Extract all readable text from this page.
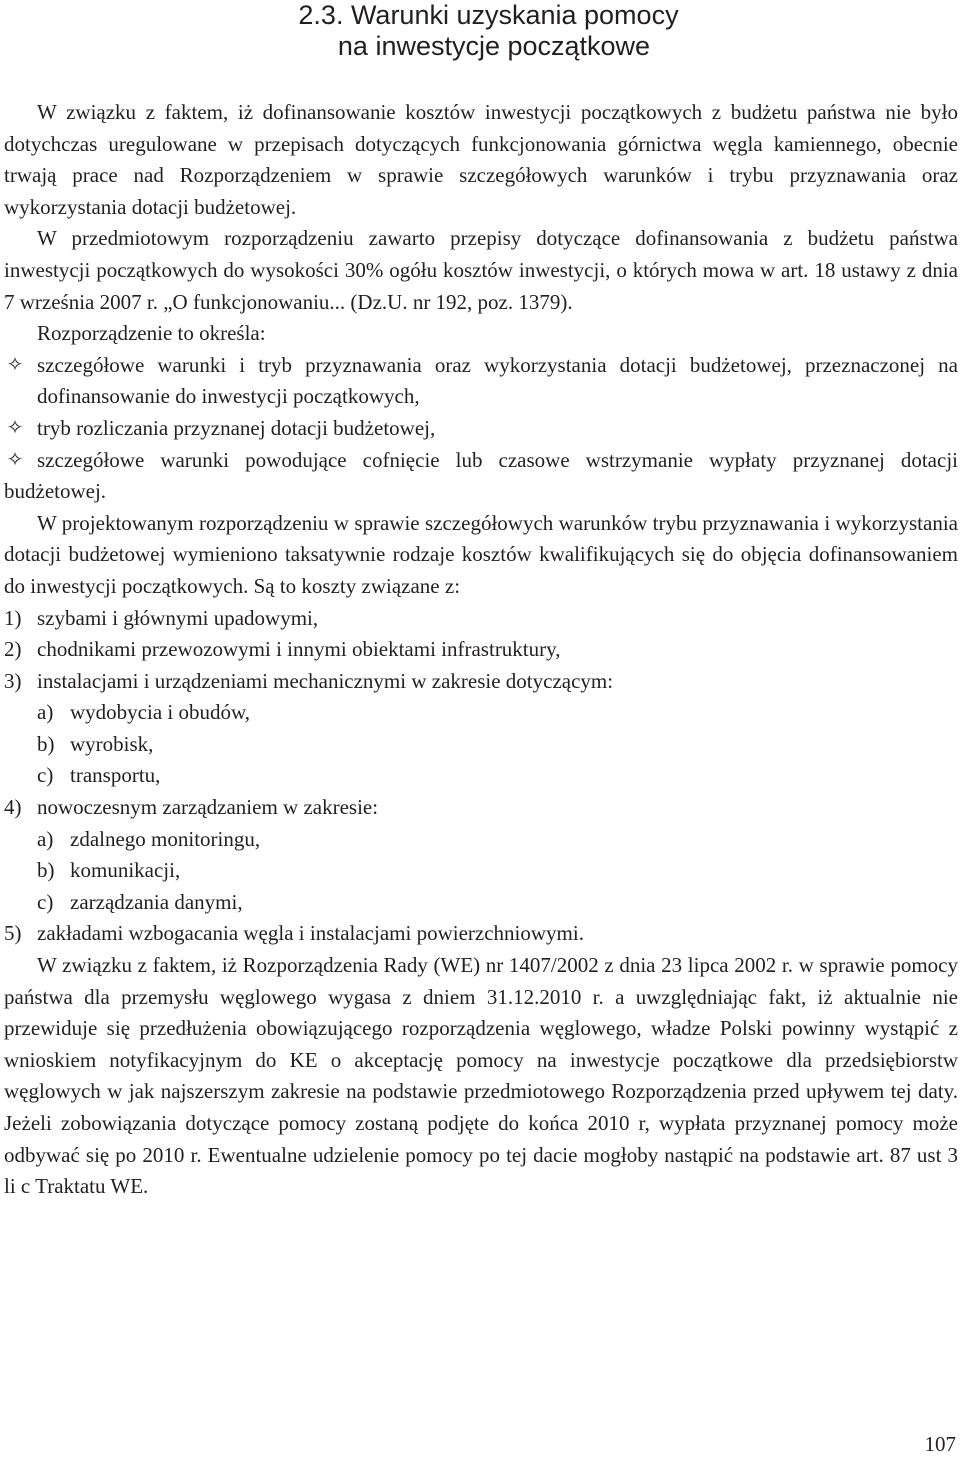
2.3. Warunki uzyskania pomocy
na inwestycje początkowe

W związku z faktem, iż dofinansowanie kosztów inwestycji początkowych z budżetu państwa nie było dotychczas uregulowane w przepisach dotyczących funkcjonowania górnictwa węgla kamiennego, obecnie trwają prace nad Rozporządzeniem w sprawie szczegółowych warunków i trybu przyznawania oraz wykorzystania dotacji budżetowej.

W przedmiotowym rozporządzeniu zawarto przepisy dotyczące dofinansowania z budżetu państwa inwestycji początkowych do wysokości 30% ogółu kosztów inwestycji, o których mowa w art. 18 ustawy z dnia 7 września 2007 r. „O funkcjonowaniu... (Dz.U. nr 192, poz. 1379).

Rozporządzenie to określa:

✧ szczegółowe warunki i tryb przyznawania oraz wykorzystania dotacji budżetowej, przeznaczonej na dofinansowanie do inwestycji początkowych,

✧ tryb rozliczania przyznanej dotacji budżetowej,

✧ szczegółowe warunki powodujące cofnięcie lub czasowe wstrzymanie wypłaty przyznanej dotacji budżetowej.

W projektowanym rozporządzeniu w sprawie szczegółowych warunków trybu przyznawania i wykorzystania dotacji budżetowej wymieniono taksatywnie rodzaje kosztów kwalifikujących się do objęcia dofinansowaniem do inwestycji początkowych. Są to koszty związane z:

1) szybami i głównymi upadowymi,

2) chodnikami przewozowymi i innymi obiektami infrastruktury,

3) instalacjami i urządzeniami mechanicznymi w zakresie dotyczącym:

a) wydobycia i obudów,

b) wyrobisk,

c) transportu,

4) nowoczesnym zarządzaniem w zakresie:

a) zdalnego monitoringu,

b) komunikacji,

c) zarządzania danymi,

5) zakładami wzbogacania węgla i instalacjami powierzchniowymi.

W związku z faktem, iż Rozporządzenia Rady (WE) nr 1407/2002 z dnia 23 lipca 2002 r. w sprawie pomocy państwa dla przemysłu węglowego wygasa z dniem 31.12.2010 r. a uwzględniając fakt, iż aktualnie nie przewiduje się przedłużenia obowiązującego rozporządzenia węglowego, władze Polski powinny wystąpić z wnioskiem notyfikacyjnym do KE o akceptację pomocy na inwestycje początkowe dla przedsiębiorstw węglowych w jak najszerszym zakresie na podstawie przedmiotowego Rozporządzenia przed upływem tej daty. Jeżeli zobowiązania dotyczące pomocy zostaną podjęte do końca 2010 r, wypłata przyznanej pomocy może odbywać się po 2010 r. Ewentualne udzielenie pomocy po tej dacie mogłoby nastąpić na podstawie art. 87 ust 3 li c Traktatu WE.

107
